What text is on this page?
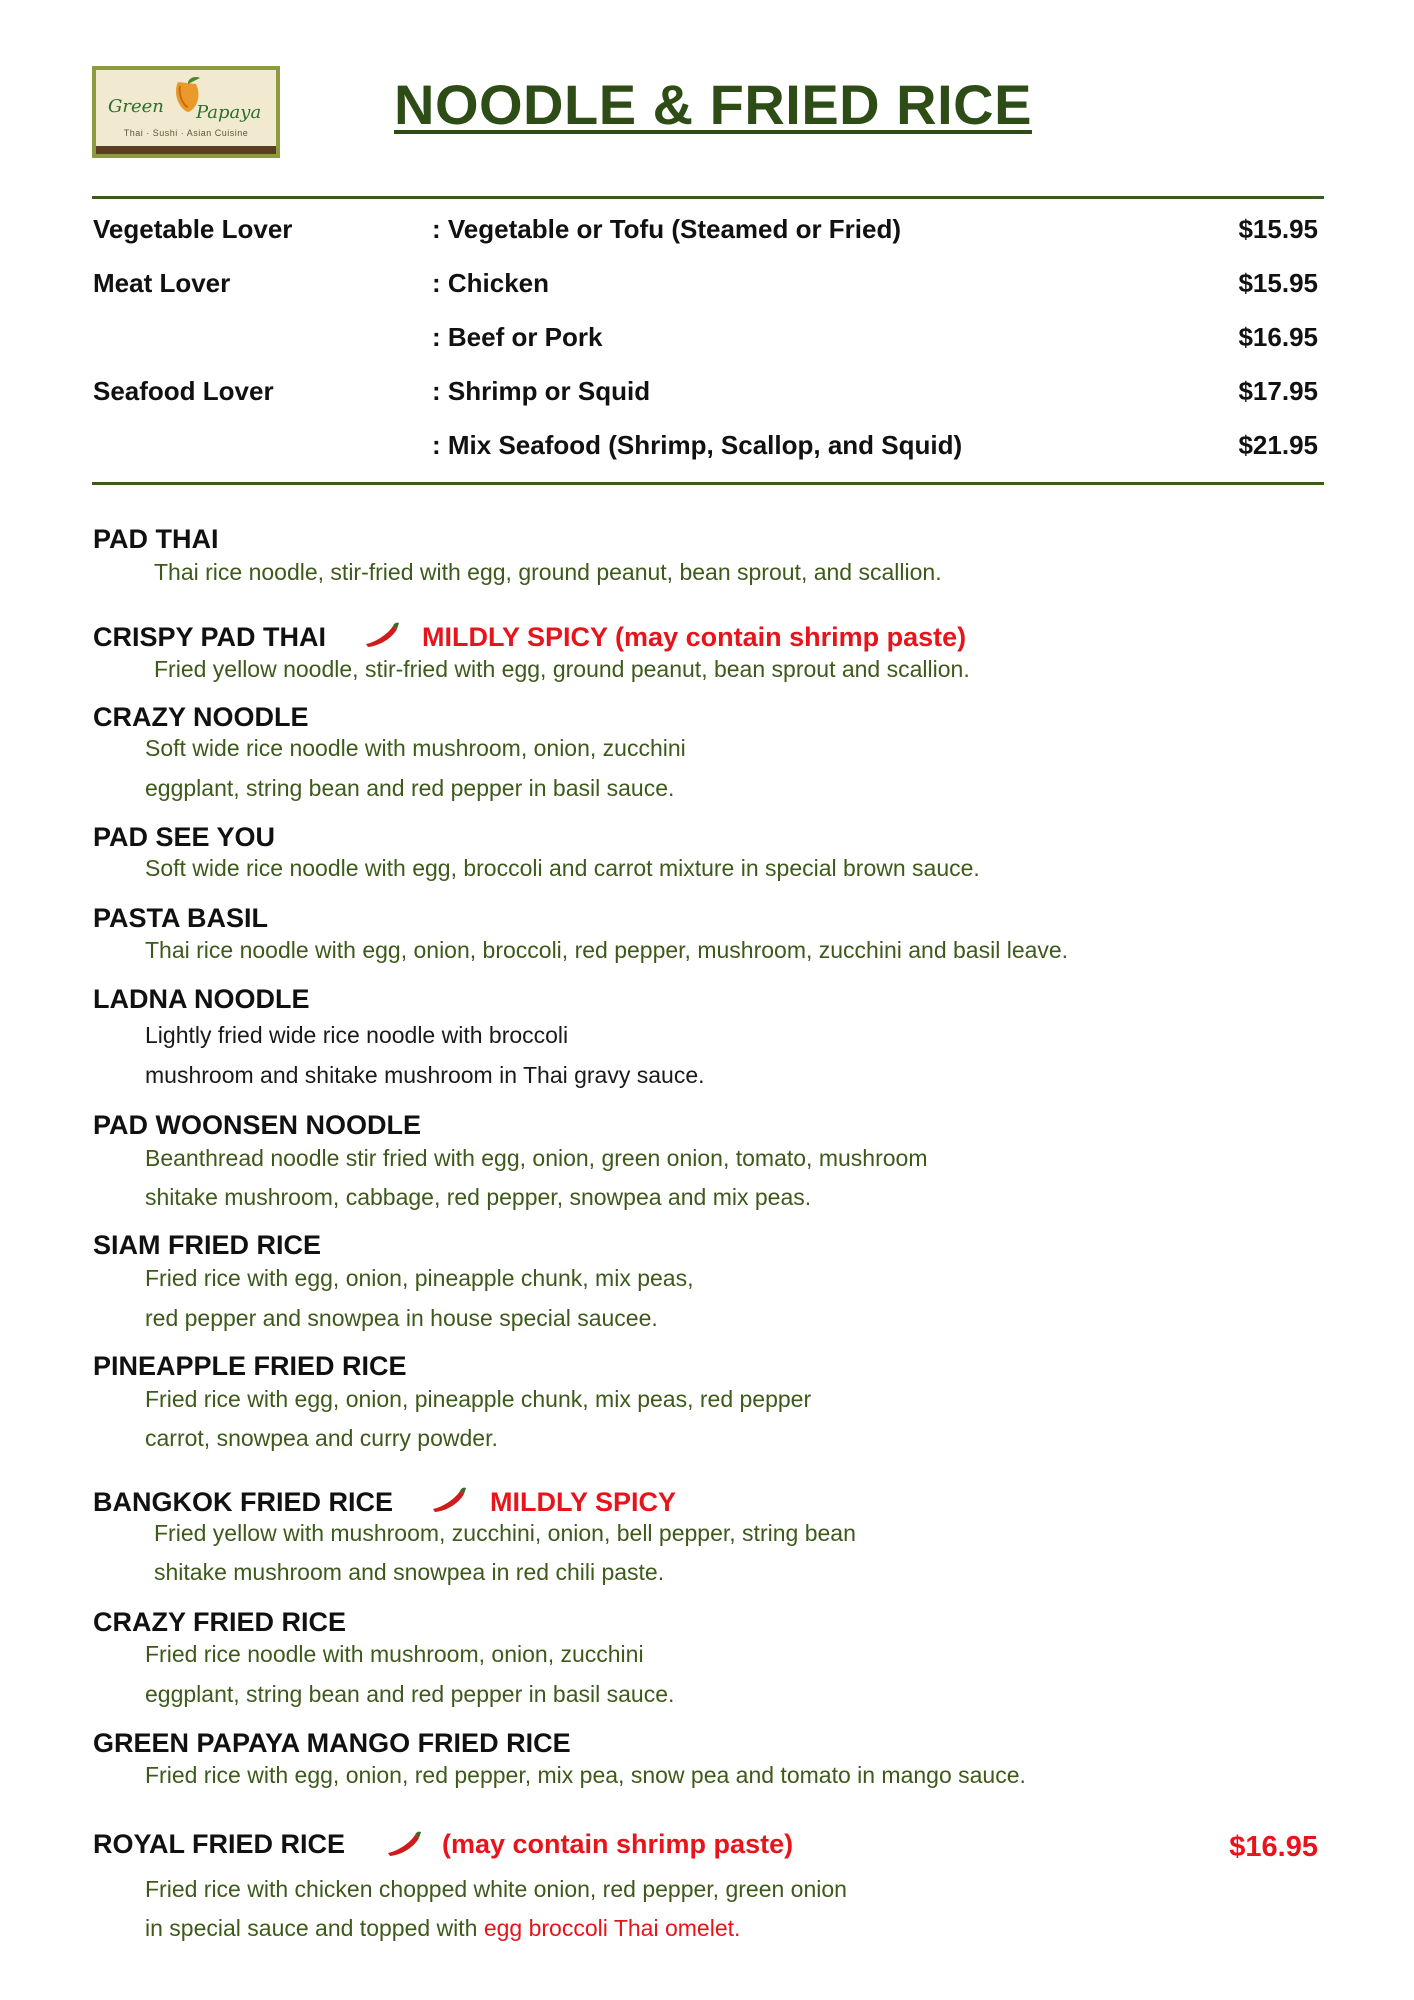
Green Papaya
Thai · Sushi · Asian Cuisine	NOODLE & FRIED RICE
Vegetable Lover	: Vegetable or Tofu (Steamed or Fried)	$15.95
Meat Lover	: Chicken	$15.95
: Beef or Pork	$16.95
Seafood Lover	: Shrimp or Squid	$17.95
: Mix Seafood (Shrimp, Scallop, and Squid)	$21.95
PAD THAI
Thai rice noodle, stir-fried with egg, ground peanut, bean sprout, and scallion.
CRISPY PAD THAI	MILDLY SPICY (may contain shrimp paste)
Fried yellow noodle, stir-fried with egg, ground peanut, bean sprout and scallion.
CRAZY NOODLE
Soft wide rice noodle with mushroom, onion, zucchini
eggplant, string bean and red pepper in basil sauce.
PAD SEE YOU
Soft wide rice noodle with egg, broccoli and carrot mixture in special brown sauce.
PASTA BASIL
Thai rice noodle with egg, onion, broccoli, red pepper, mushroom, zucchini and basil leave.
LADNA NOODLE
Lightly fried wide rice noodle with broccoli
mushroom and shitake mushroom in Thai gravy sauce.
PAD WOONSEN NOODLE
Beanthread noodle stir fried with egg, onion, green onion, tomato, mushroom
shitake mushroom, cabbage, red pepper, snowpea and mix peas.
SIAM FRIED RICE
Fried rice with egg, onion, pineapple chunk, mix peas,
red pepper and snowpea in house special saucee.
PINEAPPLE FRIED RICE
Fried rice with egg, onion, pineapple chunk, mix peas, red pepper
carrot, snowpea and curry powder.
BANGKOK FRIED RICE	MILDLY SPICY
Fried yellow with mushroom, zucchini, onion, bell pepper, string bean
shitake mushroom and snowpea in red chili paste.
CRAZY FRIED RICE
Fried rice noodle with mushroom, onion, zucchini
eggplant, string bean and red pepper in basil sauce.
GREEN PAPAYA MANGO FRIED RICE
Fried rice with egg, onion, red pepper, mix pea, snow pea and tomato in mango sauce.
ROYAL FRIED RICE	(may contain shrimp paste)	$16.95
Fried rice with chicken chopped white onion, red pepper, green onion
in special sauce and topped with egg broccoli Thai omelet.
